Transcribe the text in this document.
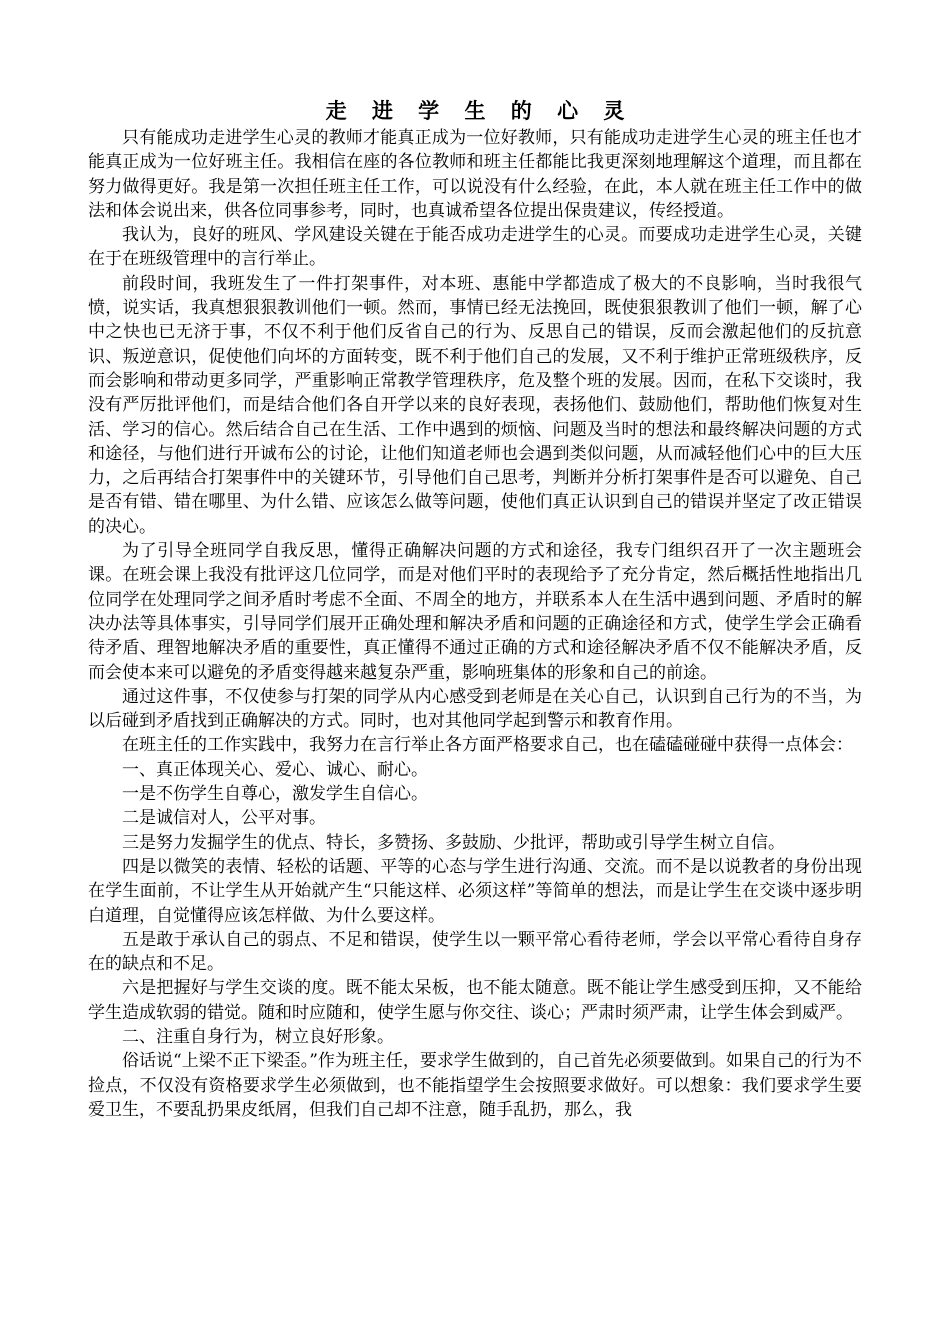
走 进 学 生 的 心 灵

只有能成功走进学生心灵的教师才能真正成为一位好教师，只有能成功走进学生心灵的班主任也才能真正成为一位好班主任。我相信在座的各位教师和班主任都能比我更深刻地理解这个道理，而且都在努力做得更好。我是第一次担任班主任工作，可以说没有什么经验，在此，本人就在班主任工作中的做法和体会说出来，供各位同事参考，同时，也真诚希望各位提出保贵建议，传经授道。

我认为，良好的班风、学风建设关键在于能否成功走进学生的心灵。而要成功走进学生心灵，关键在于在班级管理中的言行举止。

前段时间，我班发生了一件打架事件，对本班、惠能中学都造成了极大的不良影响，当时我很气愤，说实话，我真想狠狠教训他们一顿。然而，事情已经无法挽回，既使狠狠教训了他们一顿，解了心中之快也已无济于事，不仅不利于他们反省自己的行为、反思自己的错误，反而会激起他们的反抗意识、叛逆意识，促使他们向坏的方面转变，既不利于他们自己的发展，又不利于维护正常班级秩序，反而会影响和带动更多同学，严重影响正常教学管理秩序，危及整个班的发展。因而，在私下交谈时，我没有严厉批评他们，而是结合他们各自开学以来的良好表现，表扬他们、鼓励他们，帮助他们恢复对生活、学习的信心。然后结合自己在生活、工作中遇到的烦恼、问题及当时的想法和最终解决问题的方式和途径，与他们进行开诚布公的讨论，让他们知道老师也会遇到类似问题，从而减轻他们心中的巨大压力，之后再结合打架事件中的关键环节，引导他们自己思考，判断并分析打架事件是否可以避免、自己是否有错、错在哪里、为什么错、应该怎么做等问题，使他们真正认识到自己的错误并坚定了改正错误的决心。

为了引导全班同学自我反思，懂得正确解决问题的方式和途径，我专门组织召开了一次主题班会课。在班会课上我没有批评这几位同学，而是对他们平时的表现给予了充分肯定，然后概括性地指出几位同学在处理同学之间矛盾时考虑不全面、不周全的地方，并联系本人在生活中遇到问题、矛盾时的解决办法等具体事实，引导同学们展开正确处理和解决矛盾和问题的正确途径和方式，使学生学会正确看待矛盾、理智地解决矛盾的重要性，真正懂得不通过正确的方式和途径解决矛盾不仅不能解决矛盾，反而会使本来可以避免的矛盾变得越来越复杂严重，影响班集体的形象和自己的前途。

通过这件事，不仅使参与打架的同学从内心感受到老师是在关心自己，认识到自己行为的不当，为以后碰到矛盾找到正确解决的方式。同时，也对其他同学起到警示和教育作用。

在班主任的工作实践中，我努力在言行举止各方面严格要求自己，也在磕磕碰碰中获得一点体会：

一、真正体现关心、爱心、诚心、耐心。

一是不伤学生自尊心，激发学生自信心。

二是诚信对人，公平对事。

三是努力发掘学生的优点、特长，多赞扬、多鼓励、少批评，帮助或引导学生树立自信。

四是以微笑的表情、轻松的话题、平等的心态与学生进行沟通、交流。而不是以说教者的身份出现在学生面前，不让学生从开始就产生“只能这样、必须这样”等简单的想法，而是让学生在交谈中逐步明白道理，自觉懂得应该怎样做、为什么要这样。

五是敢于承认自己的弱点、不足和错误，使学生以一颗平常心看待老师，学会以平常心看待自身存在的缺点和不足。

六是把握好与学生交谈的度。既不能太呆板，也不能太随意。既不能让学生感受到压抑，又不能给学生造成软弱的错觉。随和时应随和，使学生愿与你交往、谈心；严肃时须严肃，让学生体会到威严。

二、注重自身行为，树立良好形象。

俗话说“上梁不正下梁歪。”作为班主任，要求学生做到的，自己首先必须要做到。如果自己的行为不捡点，不仅没有资格要求学生必须做到，也不能指望学生会按照要求做好。可以想象：我们要求学生要爱卫生，不要乱扔果皮纸屑，但我们自己却不注意，随手乱扔，那么，我
